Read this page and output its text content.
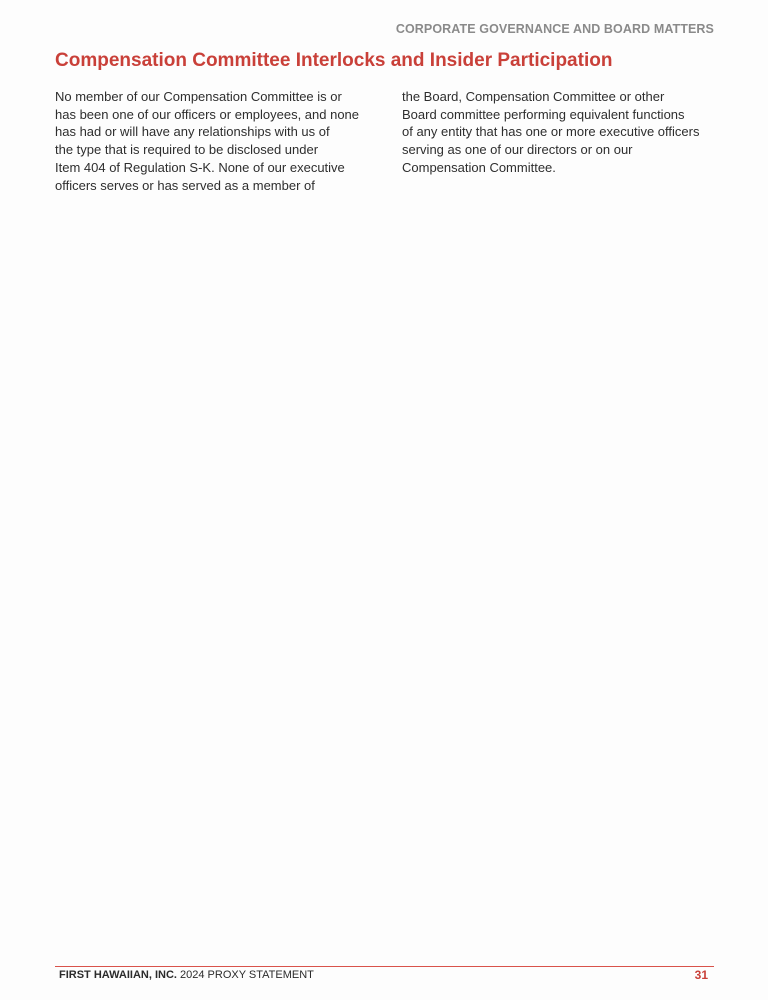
CORPORATE GOVERNANCE AND BOARD MATTERS
Compensation Committee Interlocks and Insider Participation

No member of our Compensation Committee is or
has been one of our officers or employees, and none
has had or will have any relationships with us of
the type that is required to be disclosed under
Item 404 of Regulation S-K. None of our executive
officers serves or has served as a member of

the Board, Compensation Committee or other
Board committee performing equivalent functions
of any entity that has one or more executive officers
serving as one of our directors or on our
Compensation Committee.

FIRST HAWAIIAN, INC. 2024 PROXY STATEMENT	31
